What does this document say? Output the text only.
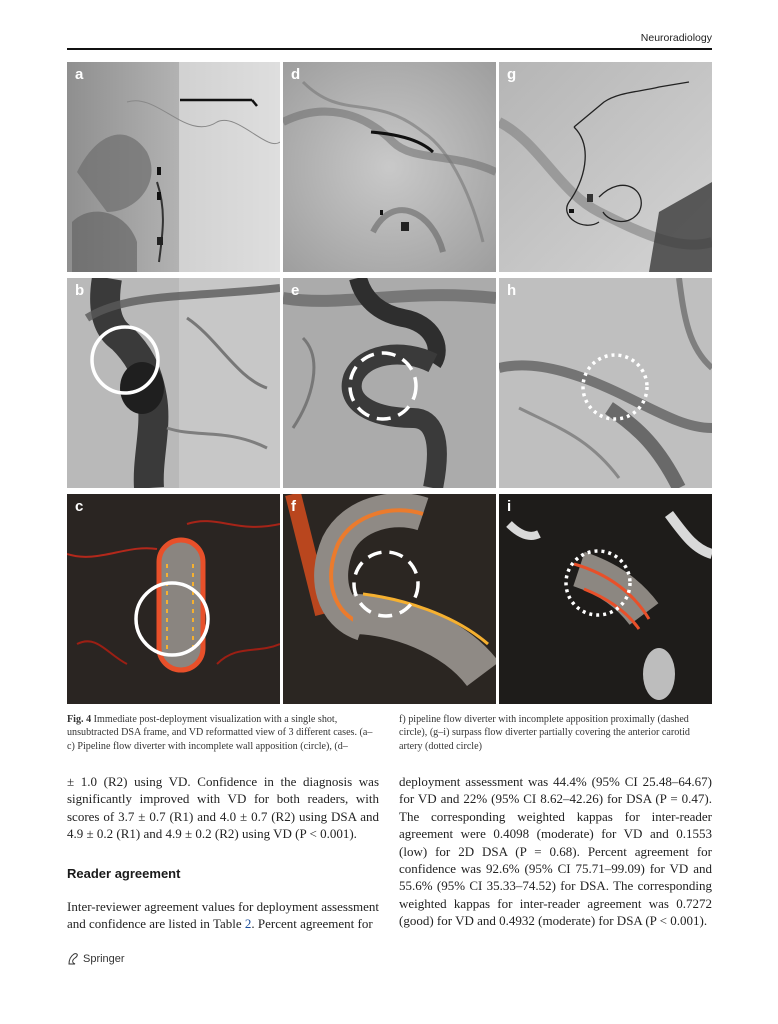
Neuroradiology
a	d	g
b	e	h
c	f	i
Fig. 4 Immediate post-deployment visualization with a single shot, unsubtracted DSA frame, and VD reformatted view of 3 different cases. (a–c) Pipeline flow diverter with incomplete wall apposition (circle), (d–
f) pipeline flow diverter with incomplete apposition proximally (dashed circle), (g–i) surpass flow diverter partially covering the anterior carotid artery (dotted circle)
± 1.0 (R2) using VD. Confidence in the diagnosis was significantly improved with VD for both readers, with scores of 3.7 ± 0.7 (R1) and 4.0 ± 0.7 (R2) using DSA and 4.9 ± 0.2 (R1) and 4.9 ± 0.2 (R2) using VD (P < 0.001).
Reader agreement
Inter-reviewer agreement values for deployment assessment and confidence are listed in Table 2. Percent agreement for
deployment assessment was 44.4% (95% CI 25.48–64.67) for VD and 22% (95% CI 8.62–42.26) for DSA (P = 0.47). The corresponding weighted kappas for inter-reader agreement were 0.4098 (moderate) for VD and 0.1553 (low) for 2D DSA (P = 0.68). Percent agreement for confidence was 92.6% (95% CI 75.71–99.09) for VD and 55.6% (95% CI 35.33–74.52) for DSA. The corresponding weighted kappas for inter-reader agreement was 0.7272 (good) for VD and 0.4932 (moderate) for DSA (P < 0.001).
Springer
